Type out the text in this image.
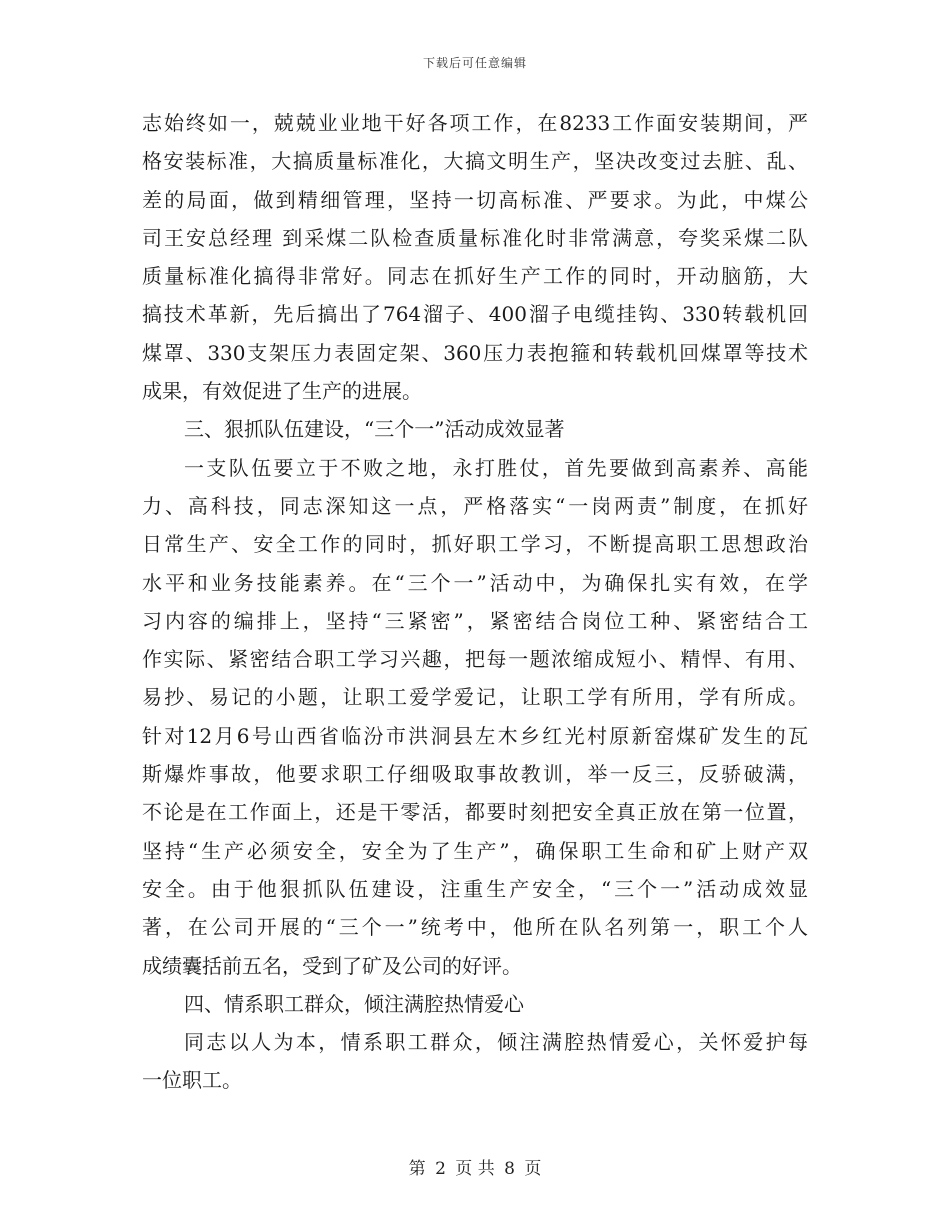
下载后可任意编辑
志始终如一，兢兢业业地干好各项工作，在8233工作面安装期间，严
格安装标准，大搞质量标准化，大搞文明生产，坚决改变过去脏、乱、
差的局面，做到精细管理，坚持一切高标准、严要求。为此，中煤公
司王安总经理 到采煤二队检查质量标准化时非常满意，夸奖采煤二队
质量标准化搞得非常好。同志在抓好生产工作的同时，开动脑筋，大
搞技术革新，先后搞出了764溜子、400溜子电缆挂钩、330转载机回
煤罩、330支架压力表固定架、360压力表抱箍和转载机回煤罩等技术
成果，有效促进了生产的进展。
三、狠抓队伍建设，“三个一”活动成效显著
一支队伍要立于不败之地，永打胜仗，首先要做到高素养、高能
力、高科技，同志深知这一点，严格落实“一岗两责”制度，在抓好
日常生产、安全工作的同时，抓好职工学习，不断提高职工思想政治
水平和业务技能素养。在“三个一”活动中，为确保扎实有效，在学
习内容的编排上，坚持“三紧密”，紧密结合岗位工种、紧密结合工
作实际、紧密结合职工学习兴趣，把每一题浓缩成短小、精悍、有用、
易抄、易记的小题，让职工爱学爱记，让职工学有所用，学有所成。
针对12月6号山西省临汾市洪洞县左木乡红光村原新窑煤矿发生的瓦
斯爆炸事故，他要求职工仔细吸取事故教训，举一反三，反骄破满，
不论是在工作面上，还是干零活，都要时刻把安全真正放在第一位置，
坚持“生产必须安全，安全为了生产”，确保职工生命和矿上财产双
安全。由于他狠抓队伍建设，注重生产安全，“三个一”活动成效显
著，在公司开展的“三个一”统考中，他所在队名列第一，职工个人
成绩囊括前五名，受到了矿及公司的好评。
四、情系职工群众，倾注满腔热情爱心
同志以人为本，情系职工群众，倾注满腔热情爱心，关怀爱护每
一位职工。
第 2 页 共 8 页
